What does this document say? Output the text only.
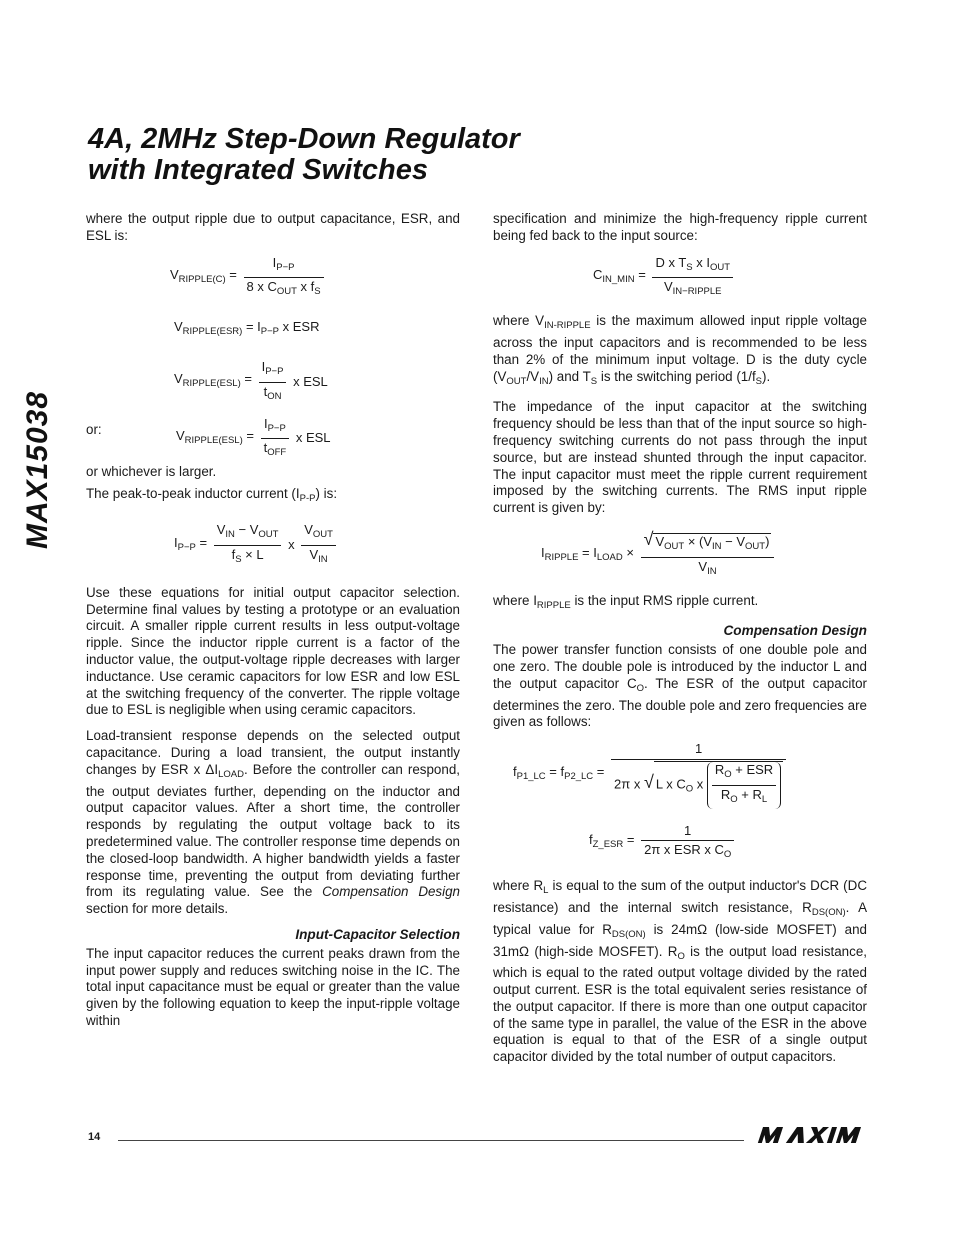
MAX15038
4A, 2MHz Step-Down Regulator
with Integrated Switches

where the output ripple due to output capacitance, ESR, and ESL is:

$V_{RIPPLE(C)} = \frac{I_{P-P}}{8 x C_{OUT} x f_S}$
$V_{RIPPLE(ESR)} = I_{P-P}$ x ESR
$V_{RIPPLE(ESL)} = \frac{I_{P-P}}{t_{ON}}$ x ESL
or:	$V_{RIPPLE(ESL)} = \frac{I_{P-P}}{t_{OFF}}$ x ESL

or whichever is larger.

The peak-to-peak inductor current $(I_{P-P})$ is:

$I_{P-P} = \frac{V_{IN} - V_{OUT}}{f_S \times L}$ x $\frac{V_{OUT}}{V_{IN}}$

Use these equations for initial output capacitor selection. Determine final values by testing a prototype or an evaluation circuit. A smaller ripple current results in less output-voltage ripple. Since the inductor ripple current is a factor of the inductor value, the output-voltage ripple decreases with larger inductance. Use ceramic capacitors for low ESR and low ESL at the switching frequency of the converter. The ripple voltage due to ESL is negligible when using ceramic capacitors.

Load-transient response depends on the selected output capacitance. During a load transient, the output instantly changes by ESR x $\Delta I_{LOAD}$. Before the controller can respond, the output deviates further, depending on the inductor and output capacitor values. After a short time, the controller responds by regulating the output voltage back to its predetermined value. The controller response time depends on the closed-loop bandwidth. A higher bandwidth yields a faster response time, preventing the output from deviating further from its regulating value. See the Compensation Design section for more details.

Input-Capacitor Selection

The input capacitor reduces the current peaks drawn from the input power supply and reduces switching noise in the IC. The total input capacitance must be equal or greater than the value given by the following equation to keep the input-ripple voltage within

specification and minimize the high-frequency ripple current being fed back to the input source:

$C_{IN\_MIN} = \frac{D x T_S x I_{OUT}}{V_{IN-RIPPLE}}$

where $V_{IN-RIPPLE}$ is the maximum allowed input ripple voltage across the input capacitors and is recommended to be less than 2% of the minimum input voltage. D is the duty cycle $(V_{OUT}/V_{IN})$ and $T_S$ is the switching period $(1/f_S)$.

The impedance of the input capacitor at the switching frequency should be less than that of the input source so high-frequency switching currents do not pass through the input source, but are instead shunted through the input capacitor. The input capacitor must meet the ripple current requirement imposed by the switching currents. The RMS input ripple current is given by:

$I_{RIPPLE} = I_{LOAD} \times \frac{√ V_{OUT} \times (V_{IN} - V_{OUT})}{V_{IN}}$

where $I_{RIPPLE}$ is the input RMS ripple current.

Compensation Design

The power transfer function consists of one double pole and one zero. The double pole is introduced by the inductor L and the output capacitor $C_O$. The ESR of the output capacitor determines the zero. The double pole and zero frequencies are given as follows:

$f_{P1\_LC} = f_{P2\_LC} = \frac{1}{2\pi x √ L x C_O x \frac{R_O + ESR}{R_O + R_L}}$
$f_{Z\_ESR} = \frac{1}{2\pi x ESR x C_O}$

where $R_L$ is equal to the sum of the output inductor's DCR (DC resistance) and the internal switch resistance, $R_{DS(ON)}$. A typical value for $R_{DS(ON)}$ is 24mΩ (low-side MOSFET) and 31mΩ (high-side MOSFET). $R_O$ is the output load resistance, which is equal to the rated output voltage divided by the rated output current. ESR is the total equivalent series resistance of the output capacitor. If there is more than one output capacitor of the same type in parallel, the value of the ESR in the above equation is equal to that of the ESR of a single output capacitor divided by the total number of output capacitors.

14
